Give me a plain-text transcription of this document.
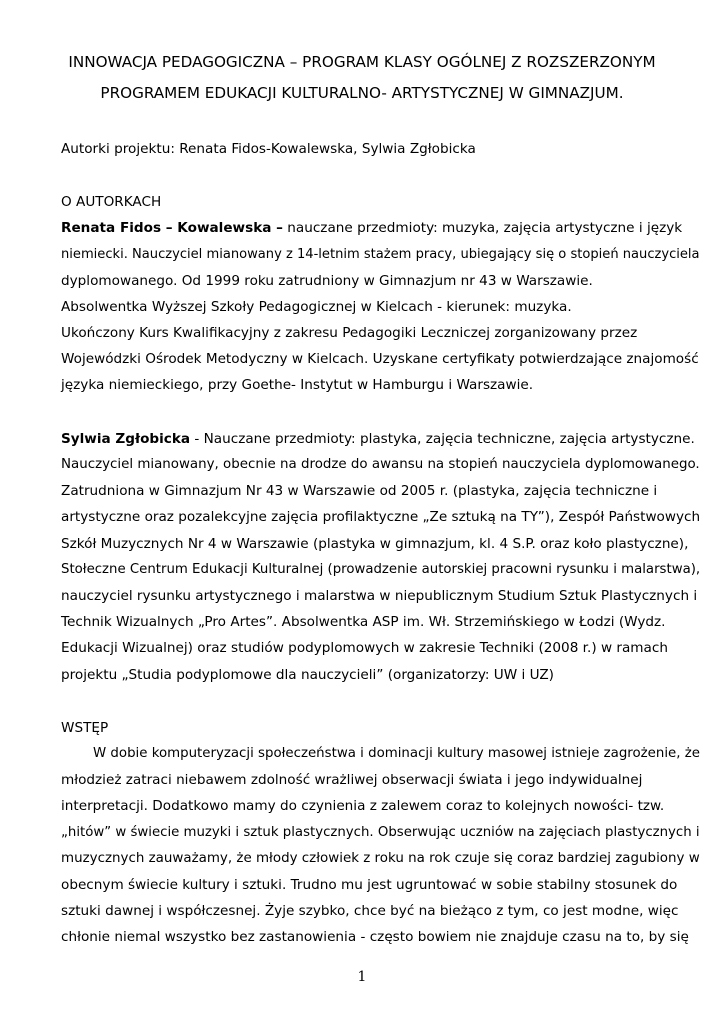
INNOWACJA PEDAGOGICZNA – PROGRAM KLASY OGÓLNEJ Z ROZSZERZONYM
PROGRAMEM EDUKACJI KULTURALNO- ARTYSTYCZNEJ W GIMNAZJUM.
Autorki projektu: Renata Fidos-Kowalewska, Sylwia Zgłobicka
O AUTORKACH
Renata Fidos – Kowalewska – nauczane przedmioty: muzyka, zajęcia artystyczne i język
niemiecki. Nauczyciel mianowany z 14-letnim stażem pracy, ubiegający się o stopień nauczyciela
dyplomowanego. Od 1999 roku zatrudniony w Gimnazjum nr 43 w Warszawie.
Absolwentka Wyższej Szkoły Pedagogicznej w Kielcach - kierunek: muzyka.
Ukończony Kurs Kwalifikacyjny z zakresu Pedagogiki Leczniczej zorganizowany przez
Wojewódzki Ośrodek Metodyczny w Kielcach. Uzyskane certyfikaty potwierdzające znajomość
języka niemieckiego, przy Goethe- Instytut w Hamburgu i Warszawie.
Sylwia Zgłobicka - Nauczane przedmioty: plastyka, zajęcia techniczne, zajęcia artystyczne.
Nauczyciel mianowany, obecnie na drodze do awansu na stopień nauczyciela dyplomowanego.
Zatrudniona w Gimnazjum Nr 43 w Warszawie od 2005 r. (plastyka, zajęcia techniczne i
artystyczne oraz pozalekcyjne zajęcia profilaktyczne „Ze sztuką na TY”), Zespół Państwowych
Szkół Muzycznych Nr 4 w Warszawie (plastyka w gimnazjum, kl. 4 S.P. oraz koło plastyczne),
Stołeczne Centrum Edukacji Kulturalnej (prowadzenie autorskiej pracowni rysunku i malarstwa),
nauczyciel rysunku artystycznego i malarstwa w niepublicznym Studium Sztuk Plastycznych i
Technik Wizualnych „Pro Artes”. Absolwentka ASP im. Wł. Strzemińskiego w Łodzi (Wydz.
Edukacji Wizualnej) oraz studiów podyplomowych w zakresie Techniki (2008 r.) w ramach
projektu „Studia podyplomowe dla nauczycieli” (organizatorzy: UW i UZ)
WSTĘP
W dobie komputeryzacji społeczeństwa i dominacji kultury masowej istnieje zagrożenie, że
młodzież zatraci niebawem zdolność wrażliwej obserwacji świata i jego indywidualnej
interpretacji. Dodatkowo mamy do czynienia z zalewem coraz to kolejnych nowości- tzw.
„hitów” w świecie muzyki i sztuk plastycznych. Obserwując uczniów na zajęciach plastycznych i
muzycznych zauważamy, że młody człowiek z roku na rok czuje się coraz bardziej zagubiony w
obecnym świecie kultury i sztuki. Trudno mu jest ugruntować w sobie stabilny stosunek do
sztuki dawnej i współczesnej. Żyje szybko, chce być na bieżąco z tym, co jest modne, więc
chłonie niemal wszystko bez zastanowienia - często bowiem nie znajduje czasu na to, by się
1
